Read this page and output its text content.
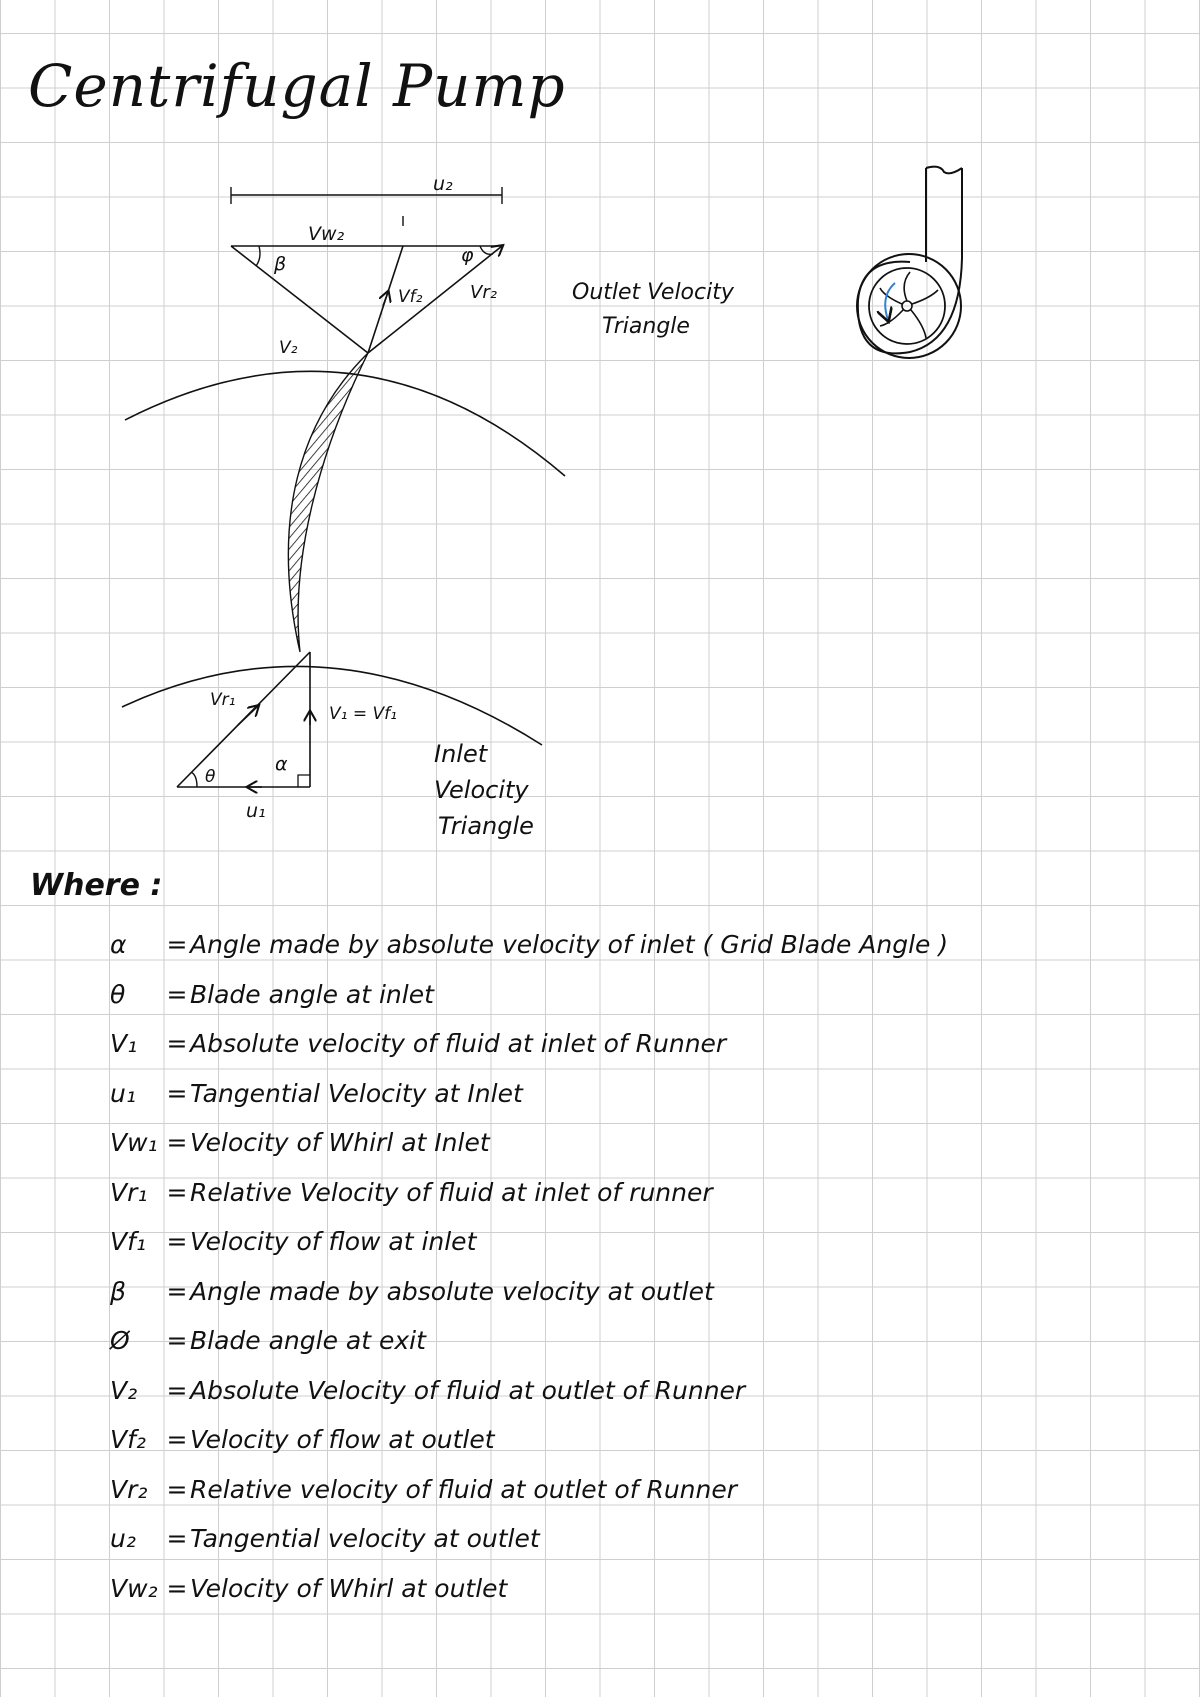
Centrifugal Pump
u₂
Vw₂
β	φ
Vf₂	Vr₂
V₂
Vr₁
V₁ = Vf₁
α
θ
u₁
Outlet Velocity
Triangle
Inlet
Velocity
Triangle
Where :
α	= Angle made by absolute velocity of inlet ( Grid Blade Angle )
θ	= Blade angle at inlet
V₁	= Absolute velocity of fluid at inlet of Runner
u₁	= Tangential Velocity at Inlet
Vw₁ = Velocity of Whirl at Inlet
Vr₁ = Relative Velocity of fluid at inlet of runner
Vf₁ = Velocity of flow at inlet
β	= Angle made by absolute velocity at outlet
Ø	= Blade angle at exit
V₂	= Absolute Velocity of fluid at outlet of Runner
Vf₂ = Velocity of flow at outlet
Vr₂ = Relative velocity of fluid at outlet of Runner
u₂	= Tangential velocity at outlet
Vw₂ = Velocity of Whirl at outlet
